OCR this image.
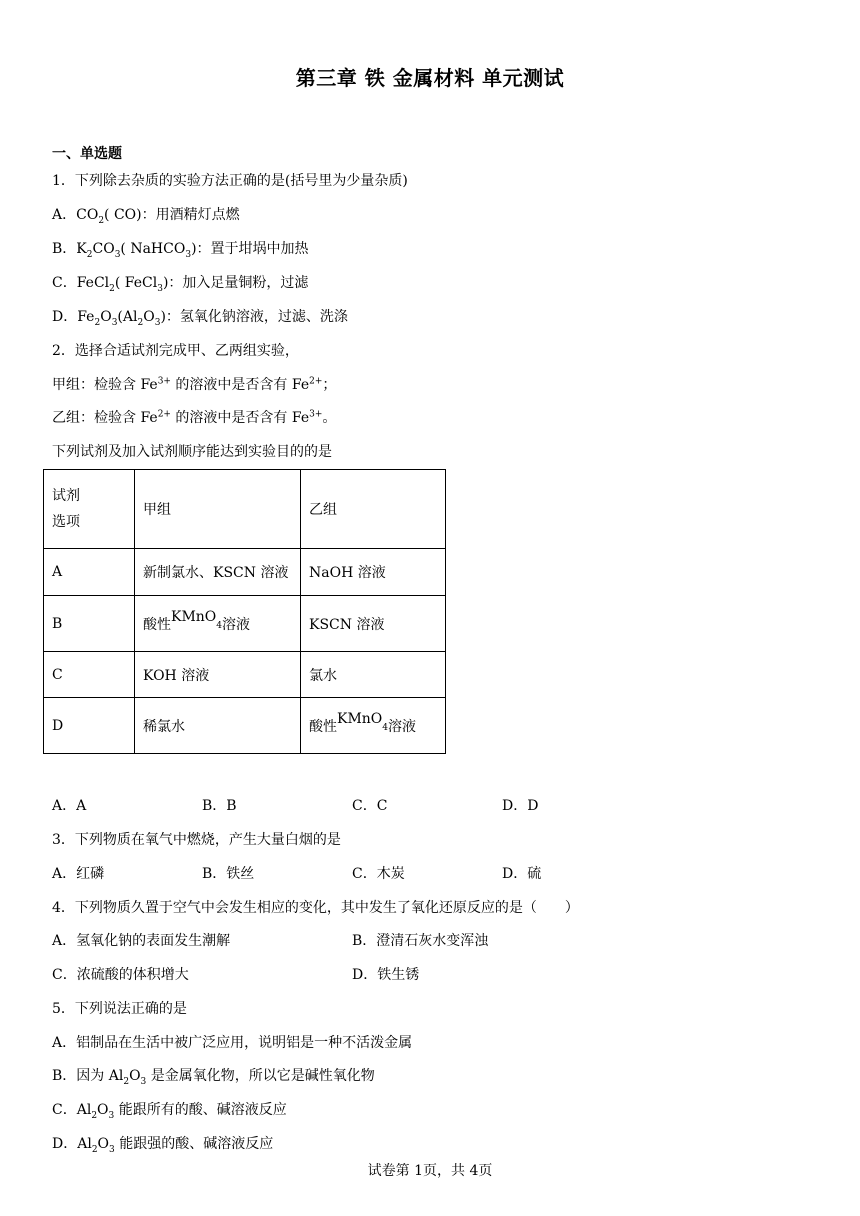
第三章 铁 金属材料 单元测试
一、单选题
1．下列除去杂质的实验方法正确的是(括号里为少量杂质)
A．$CO_2$( CO)：用酒精灯点燃
B．$K_2CO_3$( NaHCO$_3$)：置于坩埚中加热
C．FeCl$_2$( FeCl$_3$)：加入足量铜粉，过滤
D．$Fe_2O_3(Al_2O_3)$：氢氧化钠溶液，过滤、洗涤
2．选择合适试剂完成甲、乙两组实验，
甲组：检验含 $Fe^{3+}$ 的溶液中是否含有 $Fe^{2+}$；
乙组：检验含 $Fe^{2+}$ 的溶液中是否含有 $Fe^{3+}$。
下列试剂及加入试剂顺序能达到实验目的的是
试剂
选项	甲组	乙组
A	新制氯水、KSCN 溶液	NaOH 溶液
B	酸性KMnO$_4$溶液	KSCN 溶液
C	KOH 溶液	氯水
D	稀氯水	酸性KMnO$_4$溶液
A．A	B．B	C．C	D．D
3．下列物质在氧气中燃烧，产生大量白烟的是
A．红磷	B．铁丝	C．木炭	D．硫
4．下列物质久置于空气中会发生相应的变化，其中发生了氧化还原反应的是（　　）
A．氢氧化钠的表面发生潮解	B．澄清石灰水变浑浊
C．浓硫酸的体积增大	D．铁生锈
5．下列说法正确的是
A．铝制品在生活中被广泛应用，说明铝是一种不活泼金属
B．因为 $Al_2O_3$ 是金属氧化物，所以它是碱性氧化物
C．$Al_2O_3$ 能跟所有的酸、碱溶液反应
D．$Al_2O_3$ 能跟强的酸、碱溶液反应
试卷第 1页，共 4页
